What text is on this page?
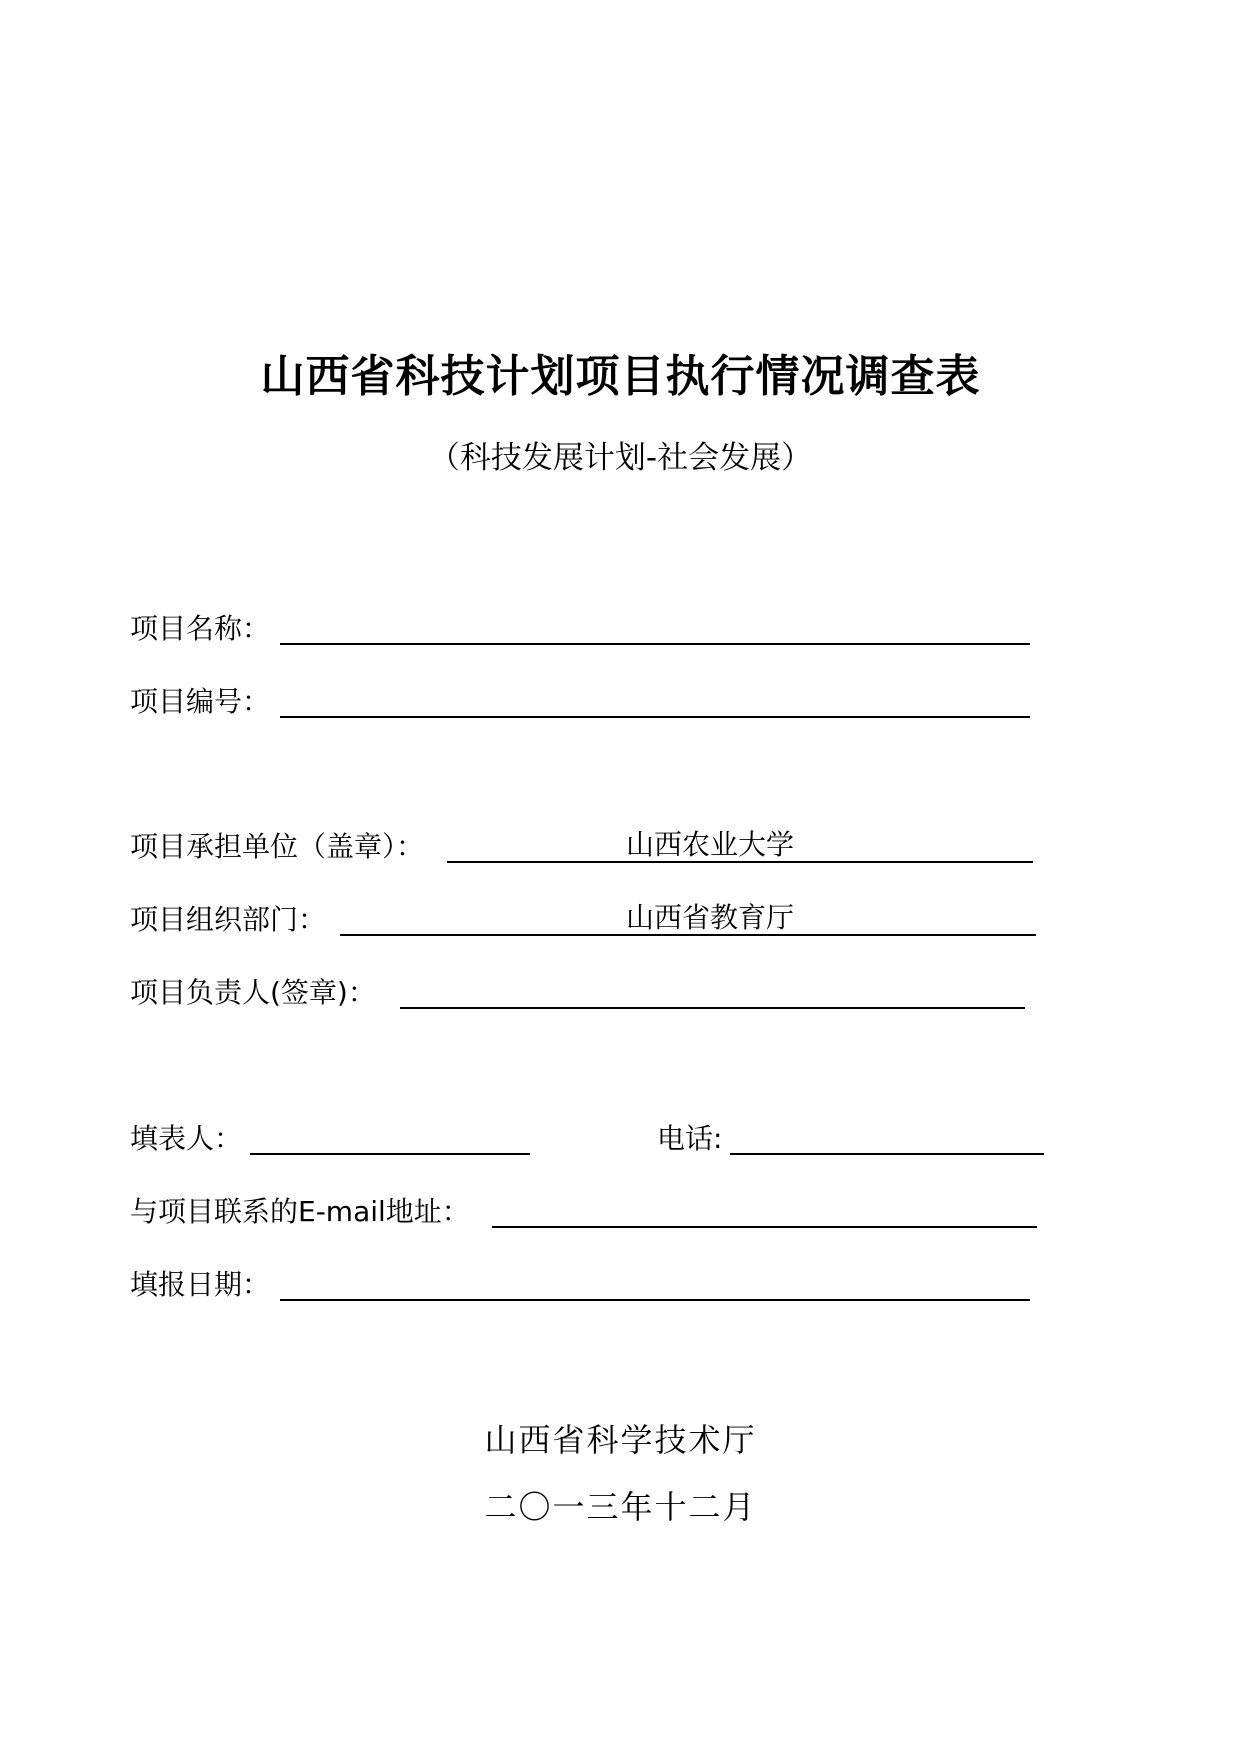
山西省科技计划项目执行情况调查表
（科技发展计划-社会发展）
项目名称：
项目编号：
项目承担单位（盖章）：	山西农业大学
项目组织部门：	山西省教育厅
项目负责人(签章)：
填表人：	电话:
与项目联系的E-mail地址：
填报日期：
山西省科学技术厅
二〇一三年十二月
